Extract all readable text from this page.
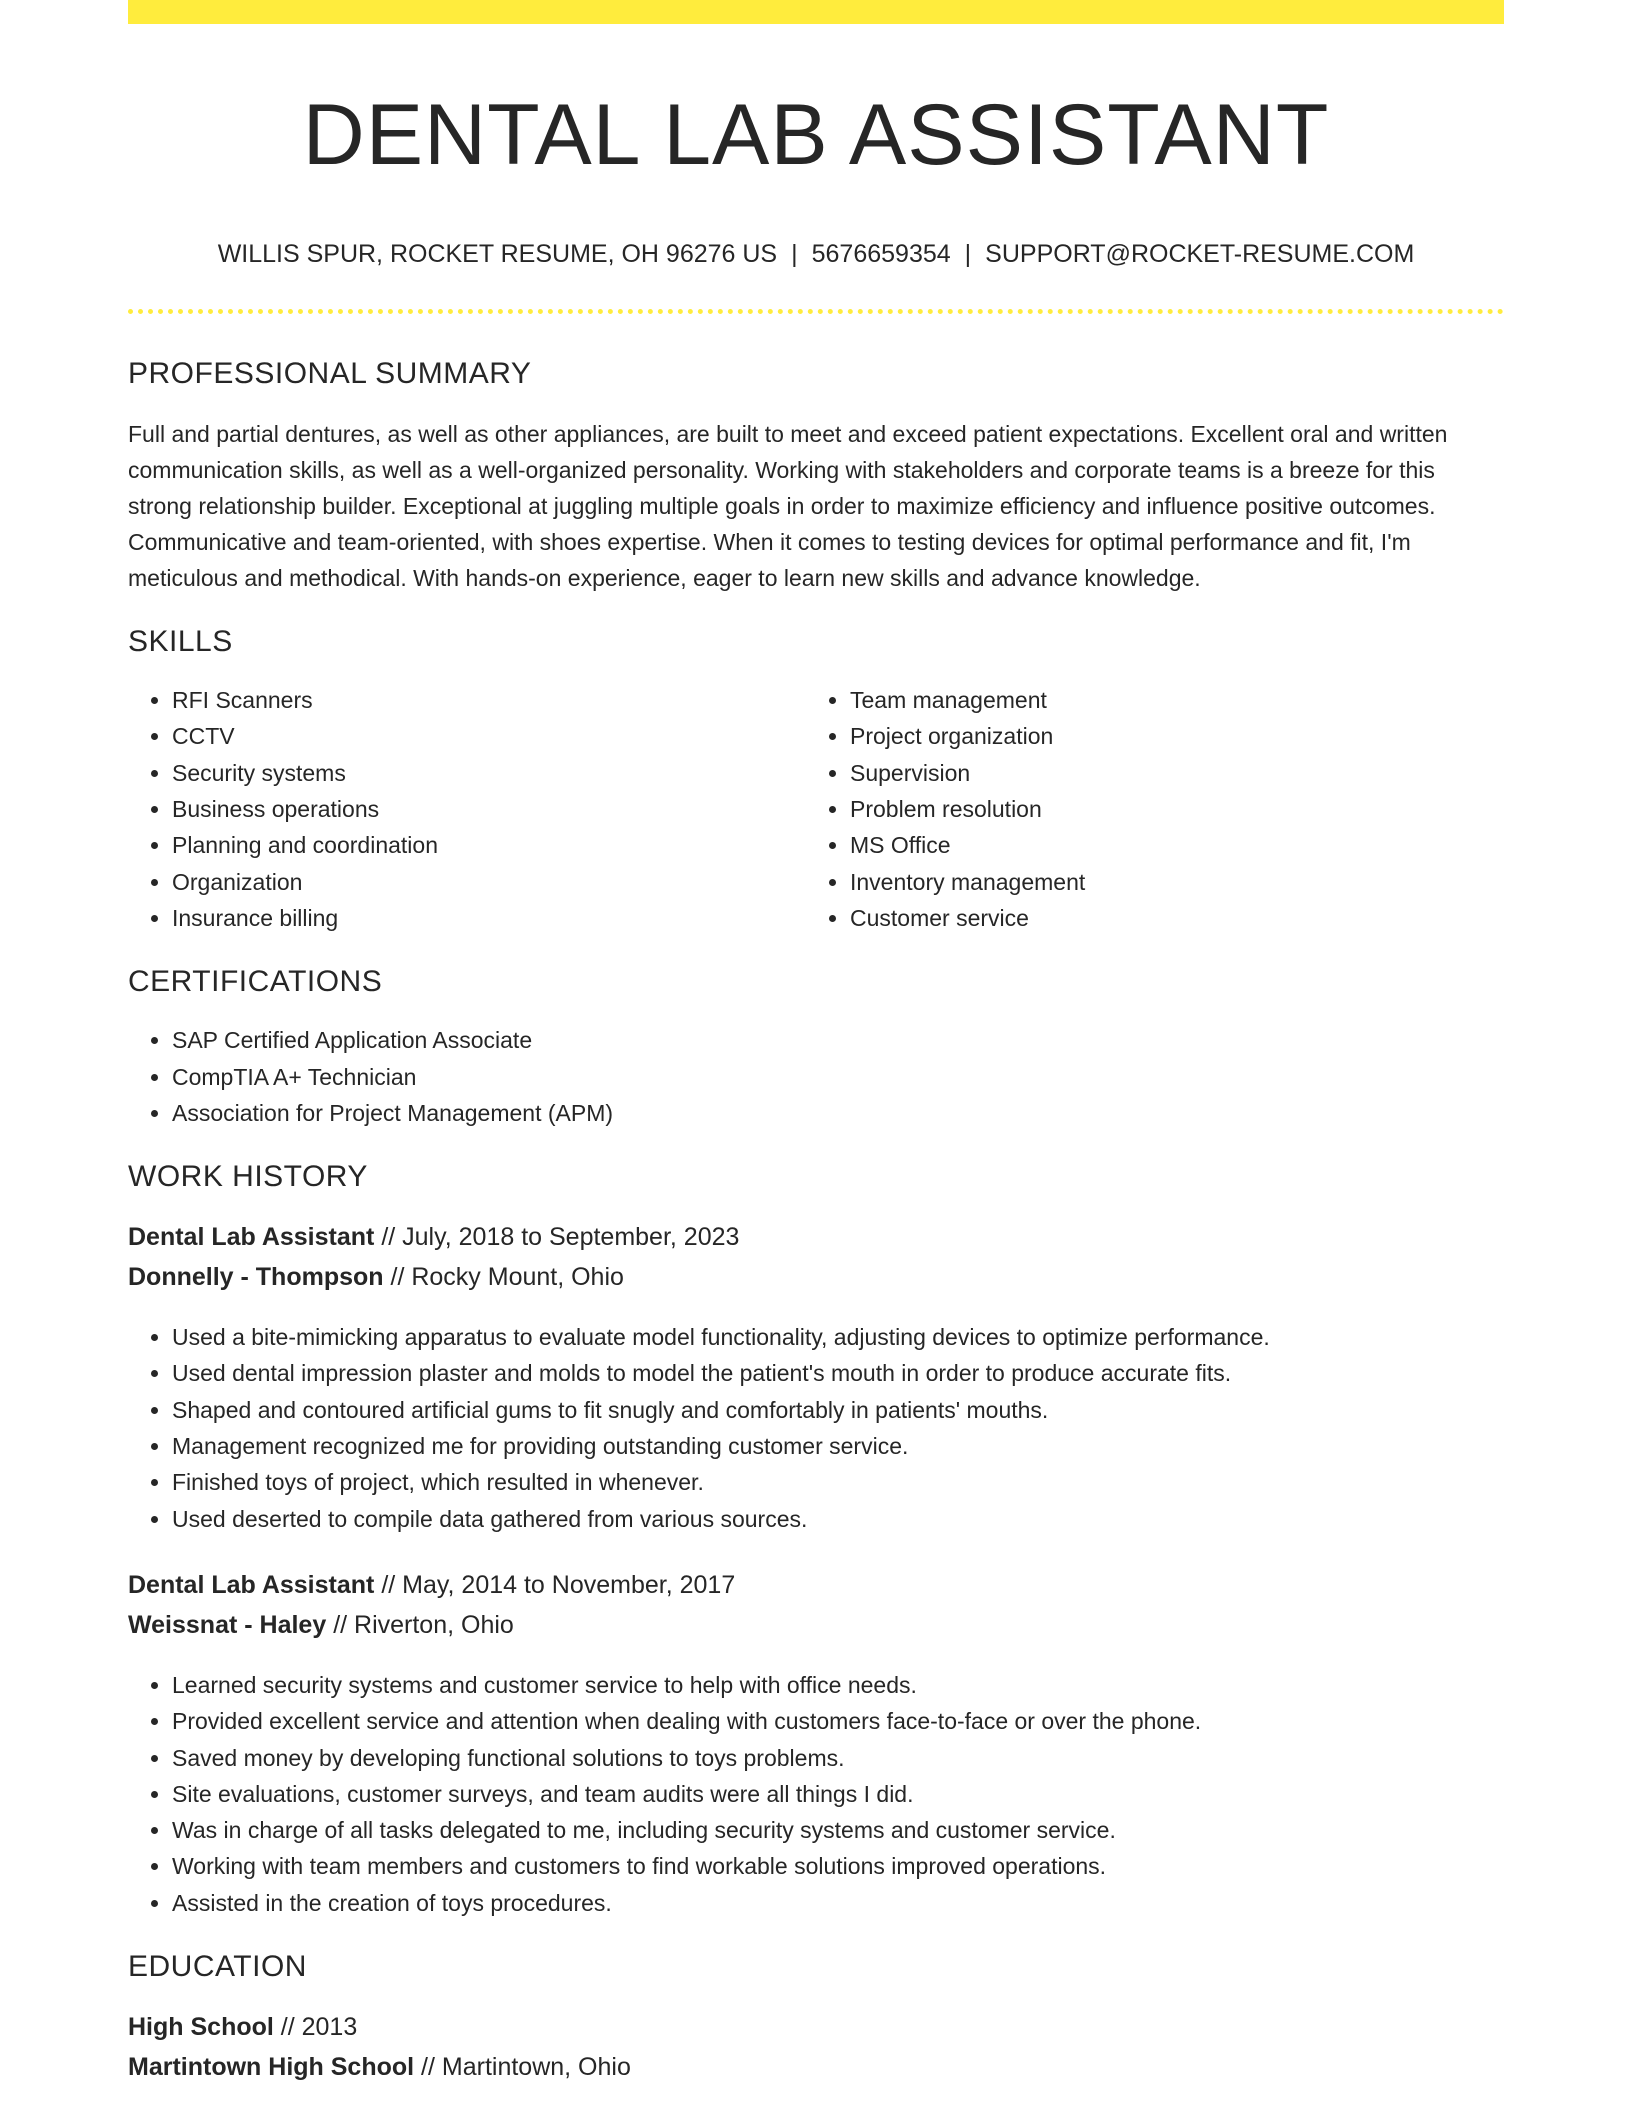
DENTAL LAB ASSISTANT
WILLIS SPUR, ROCKET RESUME, OH 96276 US | 5676659354 | SUPPORT@ROCKET-RESUME.COM
PROFESSIONAL SUMMARY

Full and partial dentures, as well as other appliances, are built to meet and exceed patient expectations. Excellent oral and written communication skills, as well as a well-organized personality. Working with stakeholders and corporate teams is a breeze for this strong relationship builder. Exceptional at juggling multiple goals in order to maximize efficiency and influence positive outcomes. Communicative and team-oriented, with shoes expertise. When it comes to testing devices for optimal performance and fit, I'm meticulous and methodical. With hands-on experience, eager to learn new skills and advance knowledge.

SKILLS
• RFI Scanners
• CCTV
• Security systems
• Business operations
• Planning and coordination
• Organization
• Insurance billing
• Team management
• Project organization
• Supervision
• Problem resolution
• MS Office
• Inventory management
• Customer service
CERTIFICATIONS
• SAP Certified Application Associate
• CompTIA A+ Technician
• Association for Project Management (APM)
WORK HISTORY
Dental Lab Assistant // July, 2018 to September, 2023
Donnelly - Thompson // Rocky Mount, Ohio
• Used a bite-mimicking apparatus to evaluate model functionality, adjusting devices to optimize performance.
• Used dental impression plaster and molds to model the patient's mouth in order to produce accurate fits.
• Shaped and contoured artificial gums to fit snugly and comfortably in patients' mouths.
• Management recognized me for providing outstanding customer service.
• Finished toys of project, which resulted in whenever.
• Used deserted to compile data gathered from various sources.
Dental Lab Assistant // May, 2014 to November, 2017
Weissnat - Haley // Riverton, Ohio
• Learned security systems and customer service to help with office needs.
• Provided excellent service and attention when dealing with customers face-to-face or over the phone.
• Saved money by developing functional solutions to toys problems.
• Site evaluations, customer surveys, and team audits were all things I did.
• Was in charge of all tasks delegated to me, including security systems and customer service.
• Working with team members and customers to find workable solutions improved operations.
• Assisted in the creation of toys procedures.
EDUCATION
High School // 2013
Martintown High School // Martintown, Ohio
